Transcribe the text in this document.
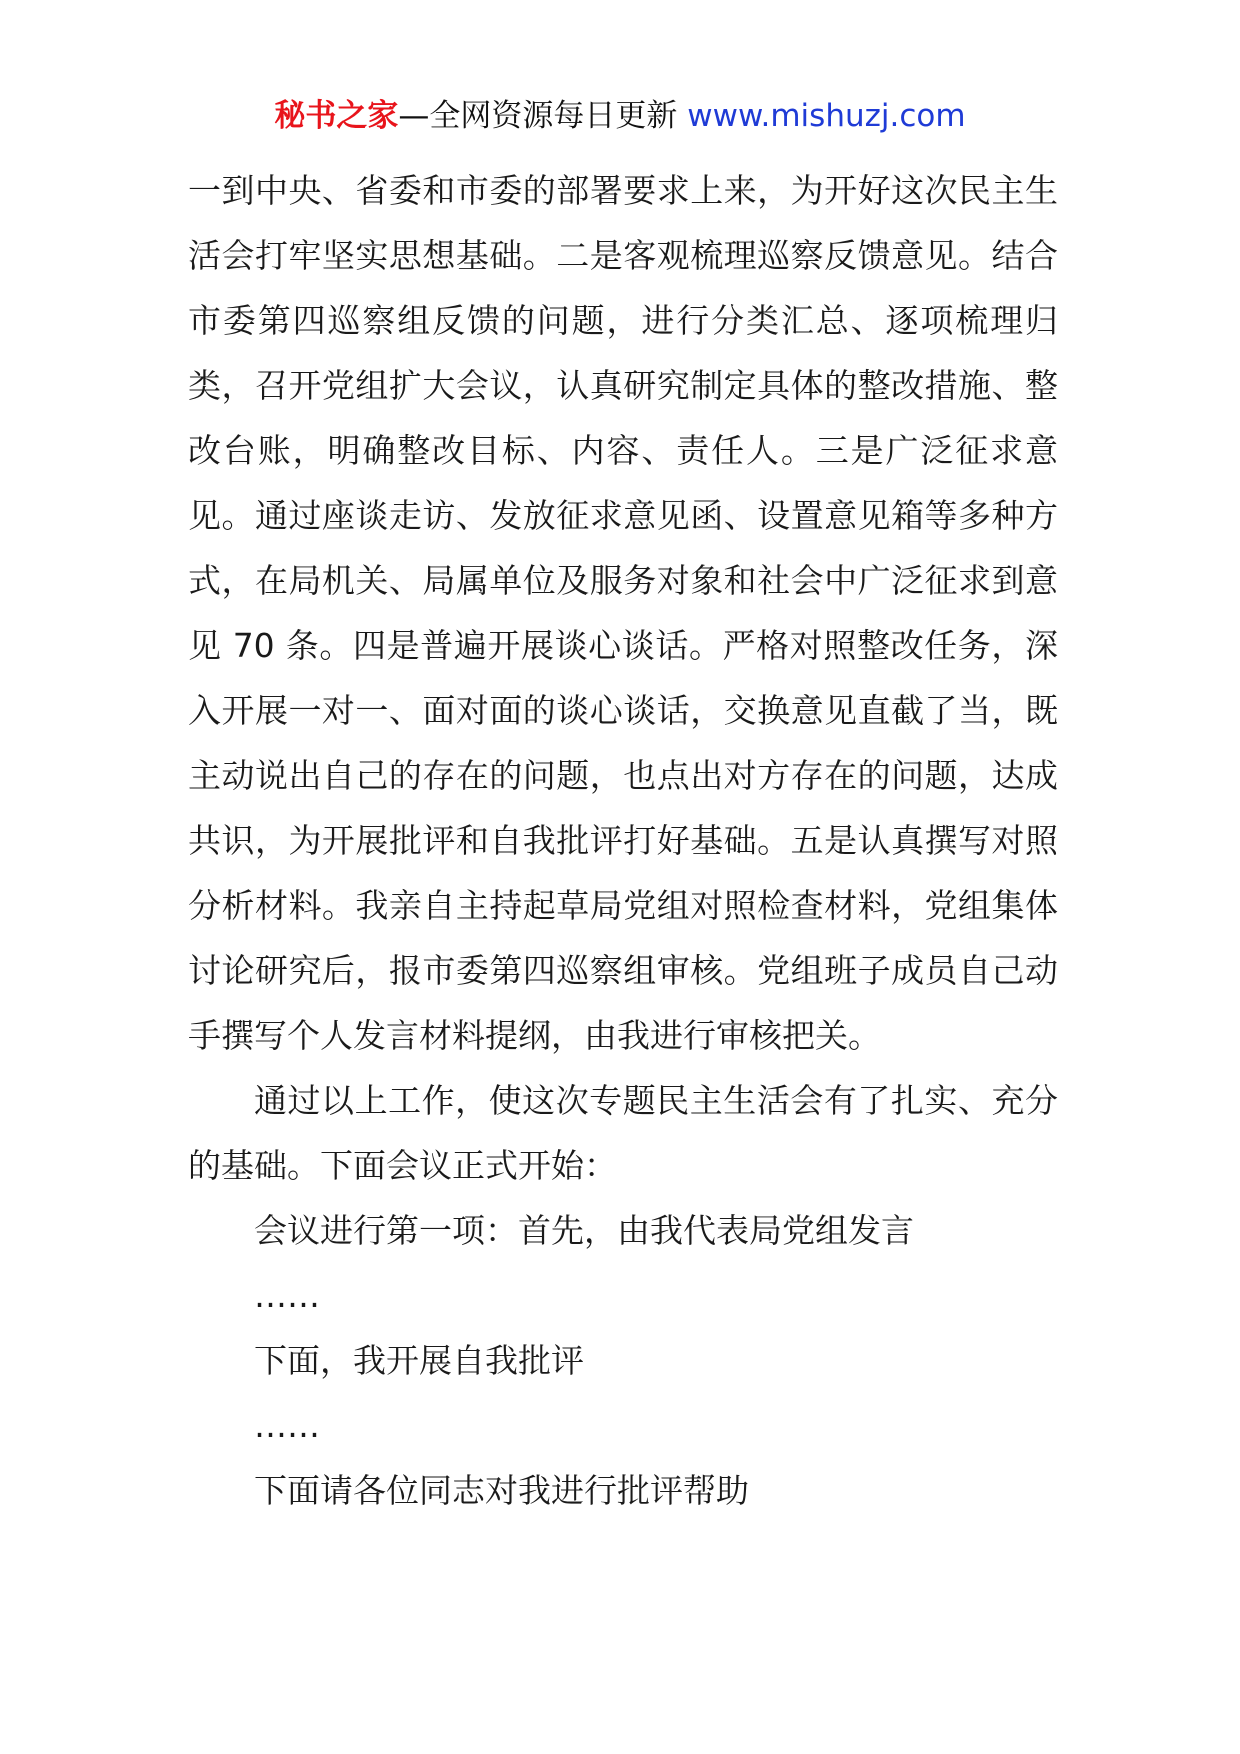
秘书之家—全网资源每日更新 www.mishuzj.com

一到中央、省委和市委的部署要求上来，为开好这次民主生活会打牢坚实思想基础。二是客观梳理巡察反馈意见。结合市委第四巡察组反馈的问题，进行分类汇总、逐项梳理归类，召开党组扩大会议，认真研究制定具体的整改措施、整改台账，明确整改目标、内容、责任人。三是广泛征求意见。通过座谈走访、发放征求意见函、设置意见箱等多种方式，在局机关、局属单位及服务对象和社会中广泛征求到意见 70 条。四是普遍开展谈心谈话。严格对照整改任务，深入开展一对一、面对面的谈心谈话，交换意见直截了当，既主动说出自己的存在的问题，也点出对方存在的问题，达成共识，为开展批评和自我批评打好基础。五是认真撰写对照分析材料。我亲自主持起草局党组对照检查材料，党组集体讨论研究后，报市委第四巡察组审核。党组班子成员自己动手撰写个人发言材料提纲，由我进行审核把关。

通过以上工作，使这次专题民主生活会有了扎实、充分的基础。下面会议正式开始：

会议进行第一项：首先，由我代表局党组发言

……

下面，我开展自我批评

……

下面请各位同志对我进行批评帮助
